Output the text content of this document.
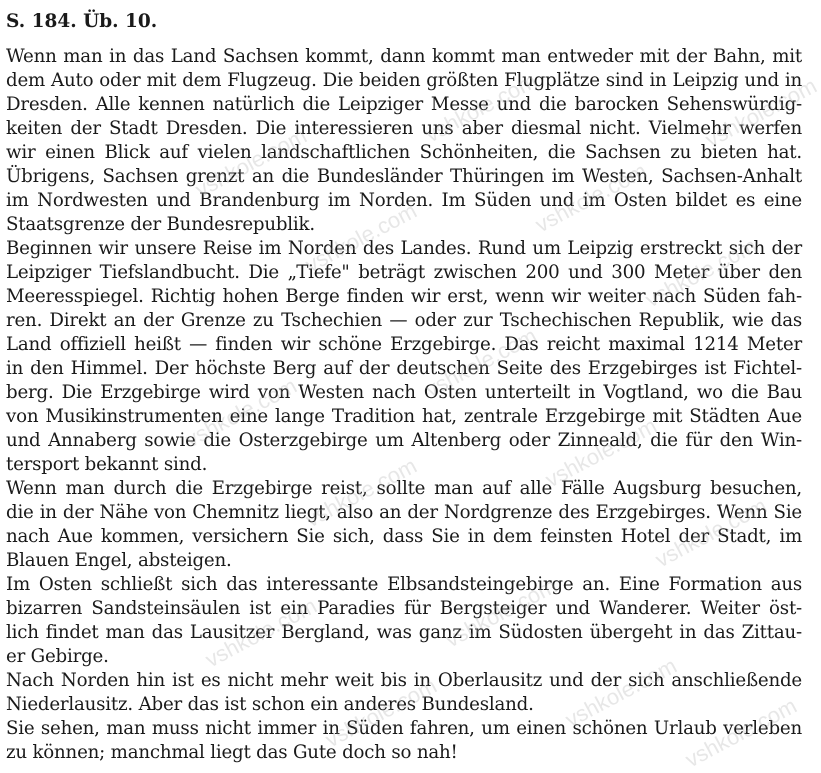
S. 184. Üb. 10.
Wenn man in das Land Sachsen kommt, dann kommt man entweder mit der Bahn, mit
dem Auto oder mit dem Flugzeug. Die beiden größten Flugplätze sind in Leipzig und in
Dresden. Alle kennen natürlich die Leipziger Messe und die barocken Sehenswürdig-
keiten der Stadt Dresden. Die interessieren uns aber diesmal nicht. Vielmehr werfen
wir einen Blick auf vielen landschaftlichen Schönheiten, die Sachsen zu bieten hat.
Übrigens, Sachsen grenzt an die Bundesländer Thüringen im Westen, Sachsen-Anhalt
im Nordwesten und Brandenburg im Norden. Im Süden und im Osten bildet es eine
Staatsgrenze der Bundesrepublik.
Beginnen wir unsere Reise im Norden des Landes. Rund um Leipzig erstreckt sich der
Leipziger Tiefslandbucht. Die „Tiefe" beträgt zwischen 200 und 300 Meter über den
Meeresspiegel. Richtig hohen Berge finden wir erst, wenn wir weiter nach Süden fah-
ren. Direkt an der Grenze zu Tschechien — oder zur Tschechischen Republik, wie das
Land offiziell heißt — finden wir schöne Erzgebirge. Das reicht maximal 1214 Meter
in den Himmel. Der höchste Berg auf der deutschen Seite des Erzgebirges ist Fichtel-
berg. Die Erzgebirge wird von Westen nach Osten unterteilt in Vogtland, wo die Bau
von Musikinstrumenten eine lange Tradition hat, zentrale Erzgebirge mit Städten Aue
und Annaberg sowie die Osterzgebirge um Altenberg oder Zinneald, die für den Win-
tersport bekannt sind.
Wenn man durch die Erzgebirge reist, sollte man auf alle Fälle Augsburg besuchen,
die in der Nähe von Chemnitz liegt, also an der Nordgrenze des Erzgebirges. Wenn Sie
nach Aue kommen, versichern Sie sich, dass Sie in dem feinsten Hotel der Stadt, im
Blauen Engel, absteigen.
Im Osten schließt sich das interessante Elbsandsteingebirge an. Eine Formation aus
bizarren Sandsteinsäulen ist ein Paradies für Bergsteiger und Wanderer. Weiter öst-
lich findet man das Lausitzer Bergland, was ganz im Südosten übergeht in das Zittau-
er Gebirge.
Nach Norden hin ist es nicht mehr weit bis in Oberlausitz und der sich anschließende
Niederlausitz. Aber das ist schon ein anderes Bundesland.
Sie sehen, man muss nicht immer in Süden fahren, um einen schönen Urlaub verleben
zu können; manchmal liegt das Gute doch so nah!
vshkole.com
vshkole.com
vshkole.com
vshkole.com
vshkole.com
vshkole.com
vshkole.com
vshkole.com
vshkole.com
vshkole.com
vshkole.com
vshkole.com
vshkole.com
vshkole.com
vshkole.com
vshkole.com
